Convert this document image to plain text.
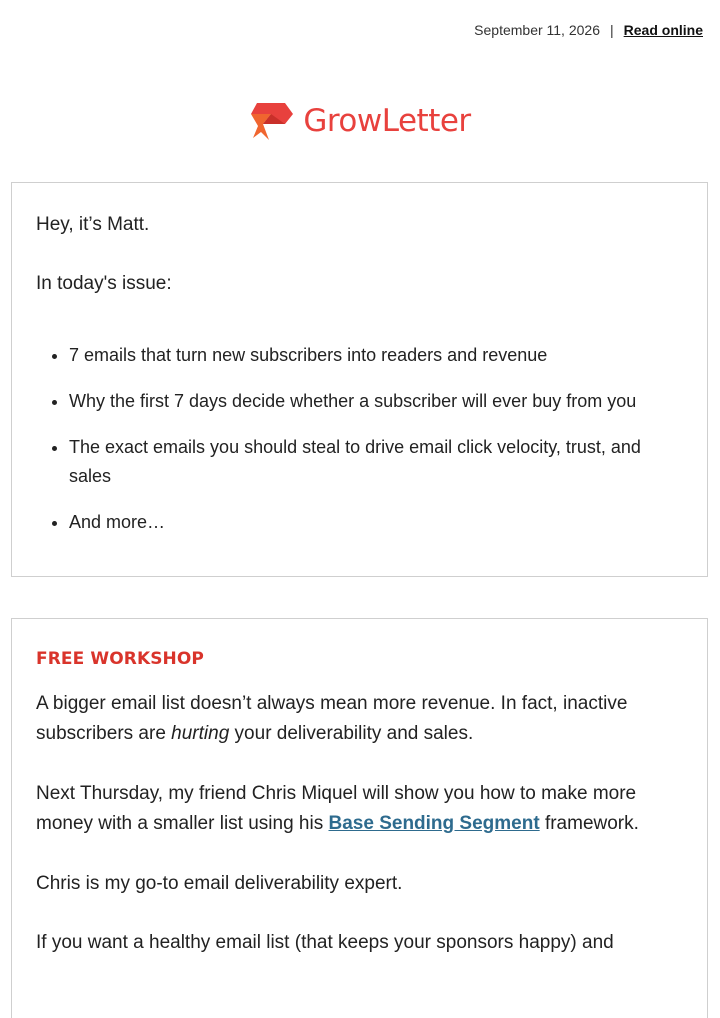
September 11, 2026 | Read online
GrowLetter

Hey, it’s Matt.

In today's issue:

• 7 emails that turn new subscribers into readers and revenue
• Why the first 7 days decide whether a subscriber will ever buy from you
• The exact emails you should steal to drive email click velocity, trust, and sales
• And more…
FREE WORKSHOP

A bigger email list doesn’t always mean more revenue. In fact, inactive subscribers are hurting your deliverability and sales.

Next Thursday, my friend Chris Miquel will show you how to make more money with a smaller list using his Base Sending Segment framework.

Chris is my go-to email deliverability expert.

If you want a healthy email list (that keeps your sponsors happy) and
